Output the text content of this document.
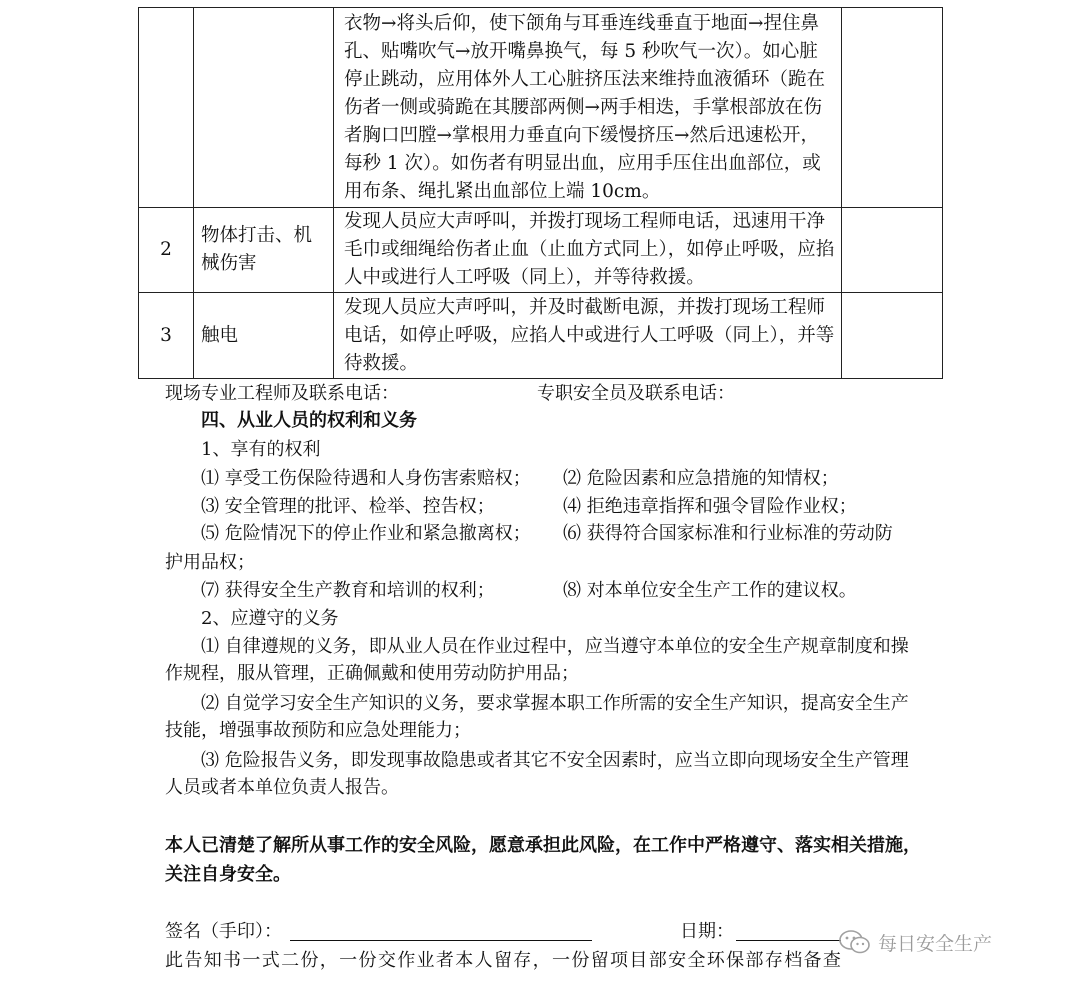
		衣物→将头后仰，使下颌角与耳垂连线垂直于地面→捏住鼻孔、贴嘴吹气→放开嘴鼻换气，每 5 秒吹气一次）。如心脏停止跳动，应用体外人工心脏挤压法来维持血液循环（跪在伤者一侧或骑跪在其腰部两侧→两手相迭，手掌根部放在伤者胸口凹膛→掌根用力垂直向下缓慢挤压→然后迅速松开，每秒 1 次）。如伤者有明显出血，应用手压住出血部位，或用布条、绳扎紧出血部位上端 10cm。	
2	物体打击、机械伤害	发现人员应大声呼叫，并拨打现场工程师电话，迅速用干净毛巾或细绳给伤者止血（止血方式同上），如停止呼吸，应掐人中或进行人工呼吸（同上），并等待救援。	
3	触电	发现人员应大声呼叫，并及时截断电源，并拨打现场工程师电话，如停止呼吸，应掐人中或进行人工呼吸（同上），并等待救援。	
现场专业工程师及联系电话：	专职安全员及联系电话：
四、从业人员的权利和义务
1、享有的权利
⑴ 享受工伤保险待遇和人身伤害索赔权； ⑵ 危险因素和应急措施的知情权；
⑶ 安全管理的批评、检举、控告权；	⑷ 拒绝违章指挥和强令冒险作业权；
⑸ 危险情况下的停止作业和紧急撤离权； ⑹ 获得符合国家标准和行业标准的劳动防
护用品权；
⑺ 获得安全生产教育和培训的权利；	⑻ 对本单位安全生产工作的建议权。
2、应遵守的义务
⑴ 自律遵规的义务，即从业人员在作业过程中，应当遵守本单位的安全生产规章制度和操作规程，服从管理，正确佩戴和使用劳动防护用品；
⑵ 自觉学习安全生产知识的义务，要求掌握本职工作所需的安全生产知识，提高安全生产技能，增强事故预防和应急处理能力；
⑶ 危险报告义务，即发现事故隐患或者其它不安全因素时，应当立即向现场安全生产管理人员或者本单位负责人报告。
本人已清楚了解所从事工作的安全风险，愿意承担此风险，在工作中严格遵守、落实相关措施，关注自身安全。
签名（手印）：	日期：
此告知书一式二份，一份交作业者本人留存，一份留项目部安全环保部存档备查
每日安全生产
